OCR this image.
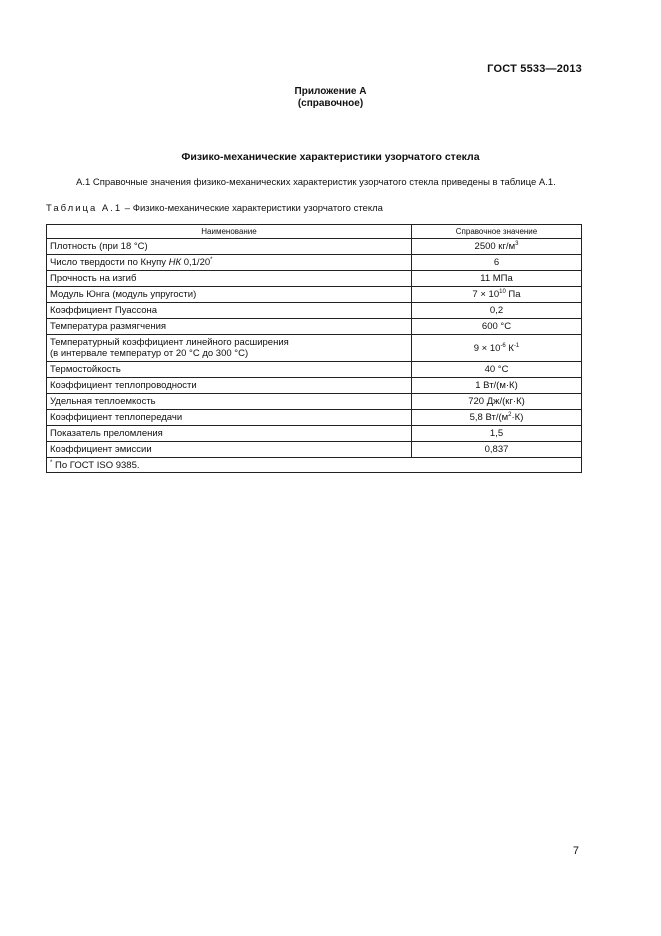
ГОСТ 5533—2013
Приложение А
(справочное)
Физико-механические характеристики узорчатого стекла
А.1 Справочные значения физико-механических характеристик узорчатого стекла приведены в таблице А.1.
Таблица А.1 – Физико-механические характеристики узорчатого стекла
Наименование	Справочное значение
Плотность (при 18 °С)	2500 $кг/м^3$
Число твердости по Кнупу НК 0,1/20*	6
Прочность на изгиб	11 МПа
Модуль Юнга (модуль упругости)	$7 \times 10^{10}$ Па
Коэффициент Пуассона	0,2
Температура размягчения	600 °С

Температурный коэффициент линейного расширения
(в интервале температур от 20 °С до 300 °С)	$9 \times 10^{-6}$ $К^{-1}$
Термостойкость	40 °С
Коэффициент теплопроводности	1 Вт/(м·К)
Удельная теплоемкость	720 Дж/(кг·К)
Коэффициент теплопередачи	5,8 $Вт/(м^2\cdot К)$
Показатель преломления	1,5
Коэффициент эмиссии	0,837
* По ГОСТ ISO 9385.	
7
